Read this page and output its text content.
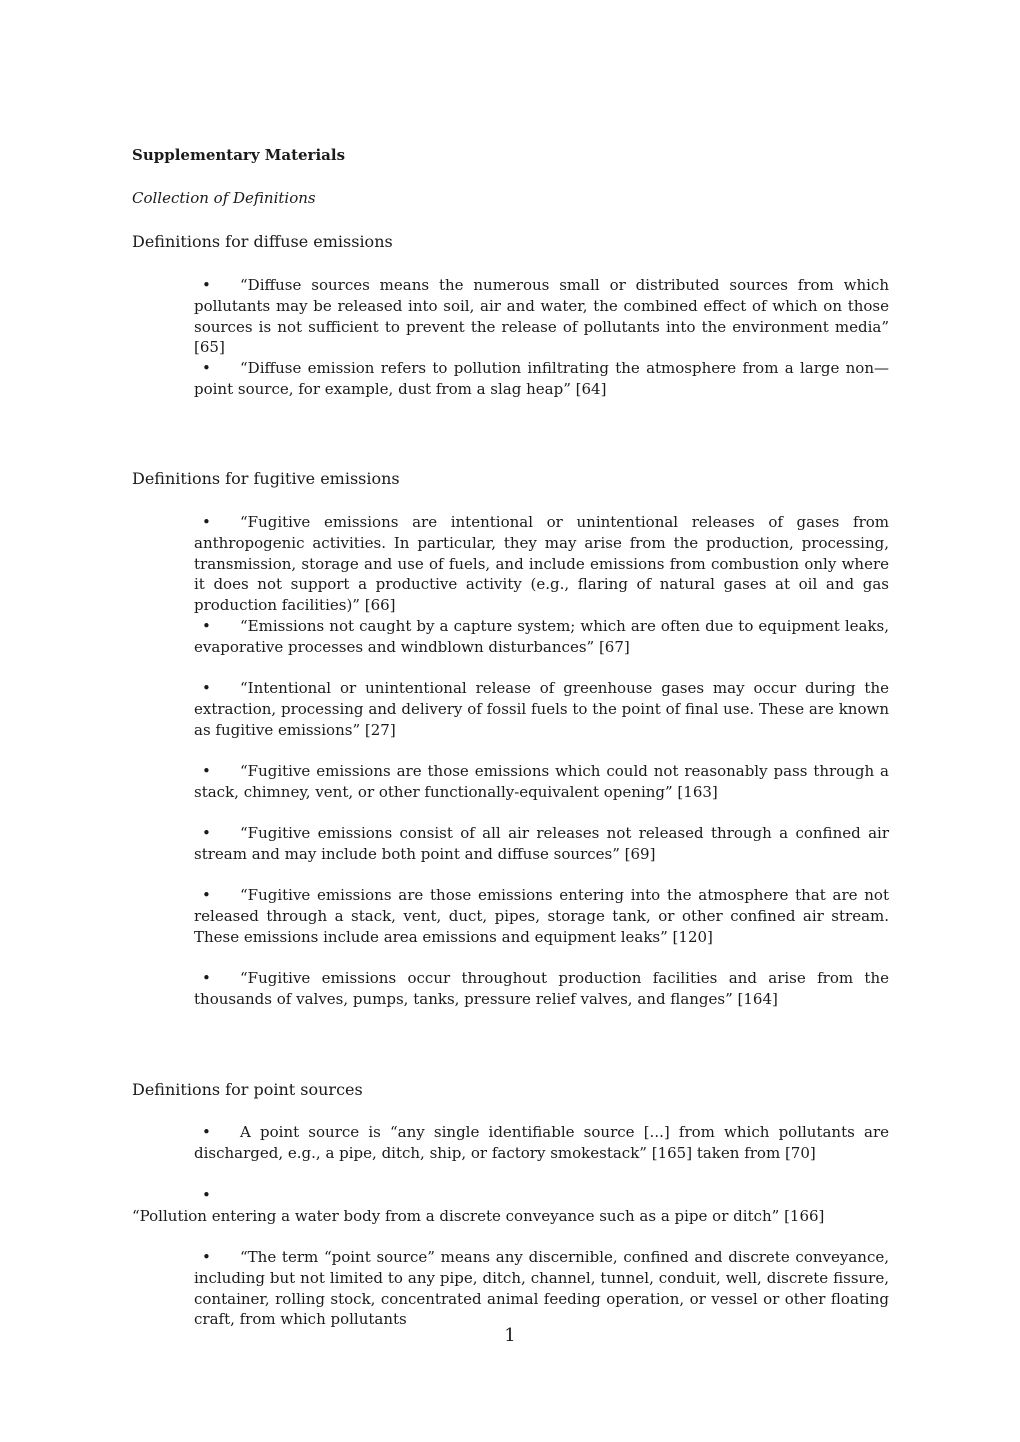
Supplementary Materials
Collection of Definitions
Definitions for diffuse emissions
• “Diffuse sources means the numerous small or distributed sources from which pollutants may be released into soil, air and water, the combined effect of which on those sources is not sufficient to prevent the release of pollutants into the environment media” [65]
• “Diffuse emission refers to pollution infiltrating the atmosphere from a large non—point source, for example, dust from a slag heap” [64]
Definitions for fugitive emissions
• “Fugitive emissions are intentional or unintentional releases of gases from anthropogenic activities. In particular, they may arise from the production, processing, transmission, storage and use of fuels, and include emissions from combustion only where it does not support a productive activity (e.g., flaring of natural gases at oil and gas production facilities)” [66]
• “Emissions not caught by a capture system; which are often due to equipment leaks, evaporative processes and windblown disturbances” [67]
• “Intentional or unintentional release of greenhouse gases may occur during the extraction, processing and delivery of fossil fuels to the point of final use. These are known as fugitive emissions” [27]
• “Fugitive emissions are those emissions which could not reasonably pass through a stack, chimney, vent, or other functionally-equivalent opening” [163]
• “Fugitive emissions consist of all air releases not released through a confined air stream and may include both point and diffuse sources” [69]
• “Fugitive emissions are those emissions entering into the atmosphere that are not released through a stack, vent, duct, pipes, storage tank, or other confined air stream. These emissions include area emissions and equipment leaks” [120]
• “Fugitive emissions occur throughout production facilities and arise from the thousands of valves, pumps, tanks, pressure relief valves, and flanges” [164]
Definitions for point sources
• A point source is “any single identifiable source [...] from which pollutants are discharged, e.g., a pipe, ditch, ship, or factory smokestack” [165] taken from [70]
•
“Pollution entering a water body from a discrete conveyance such as a pipe or ditch” [166]
• “The term “point source” means any discernible, confined and discrete conveyance, including but not limited to any pipe, ditch, channel, tunnel, conduit, well, discrete fissure, container, rolling stock, concentrated animal feeding operation, or vessel or other floating craft, from which pollutants
1
